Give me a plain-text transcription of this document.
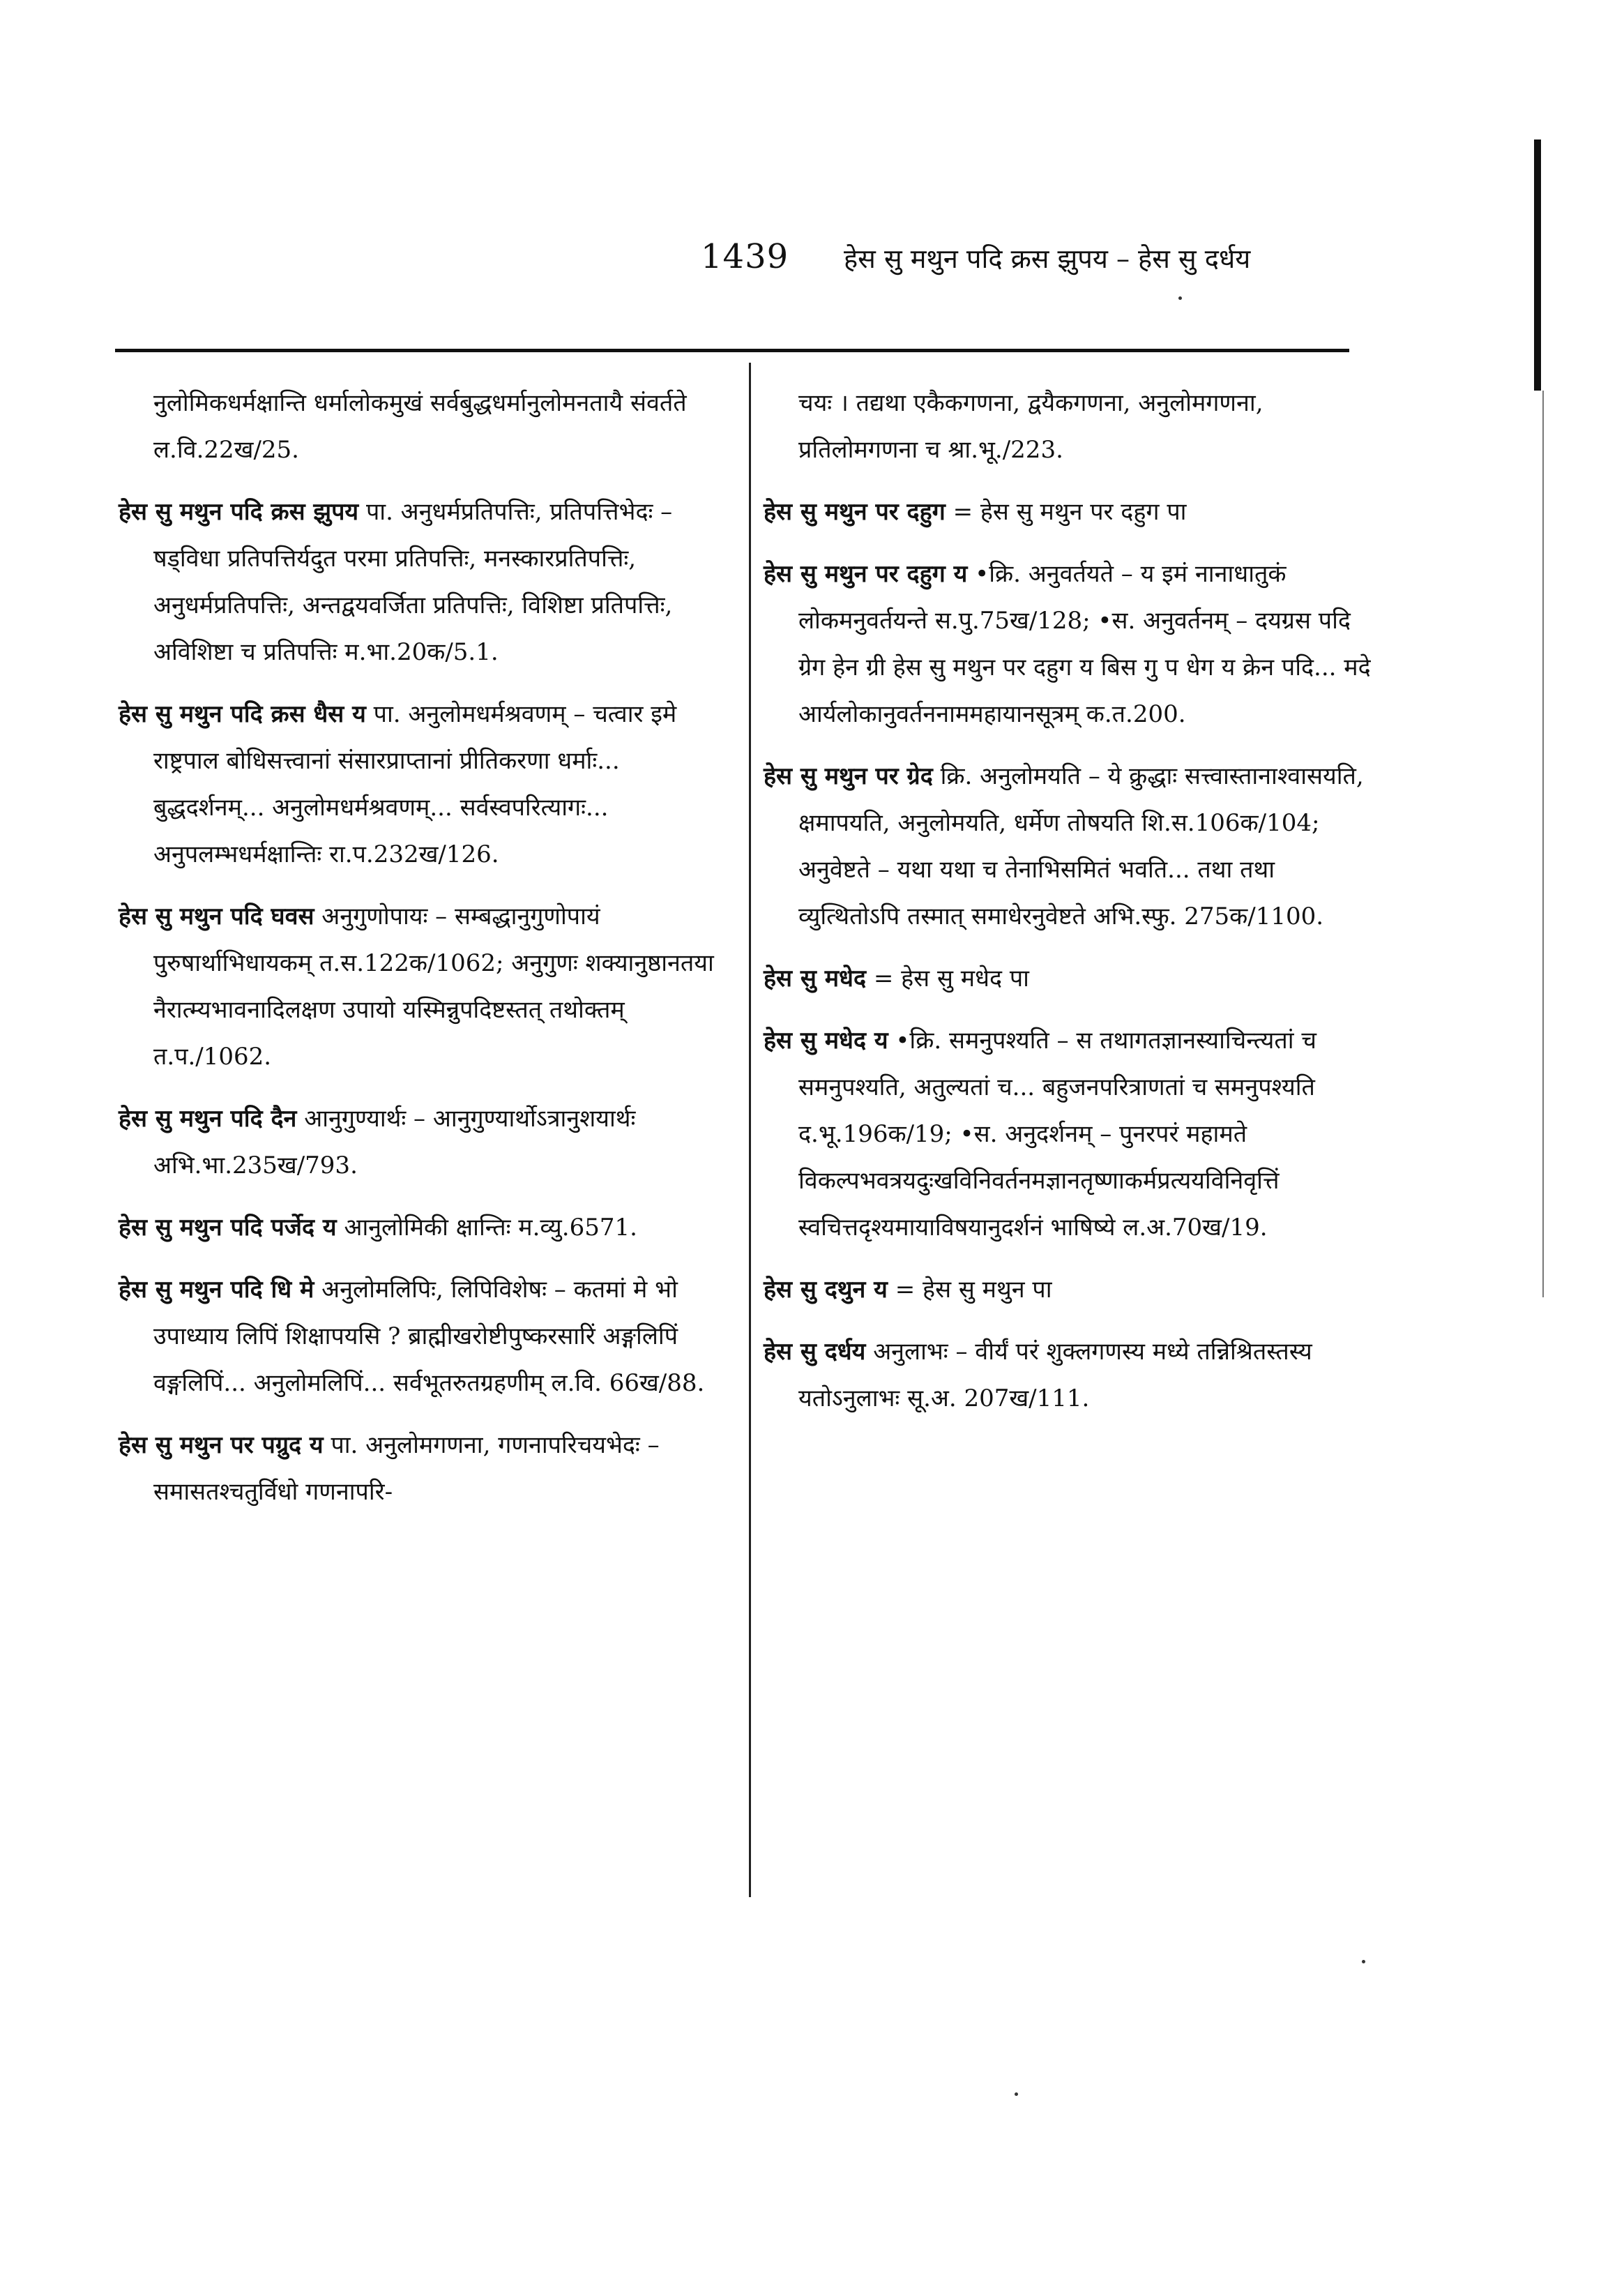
1439 हेस सु मथुन पदि क्रस झुपय – हेस सु दर्धय

नुलोमिकधर्मक्षान्ति धर्मालोकमुखं सर्वबुद्धधर्मानुलोमनतायै संवर्तते ल.वि.22ख/25.

हेस सु मथुन पदि क्रस झुपय पा. अनुधर्मप्रतिपत्तिः, प्रतिपत्तिभेदः – षड्विधा प्रतिपत्तिर्यदुत परमा प्रतिपत्तिः, मनस्कारप्रतिपत्तिः, अनुधर्मप्रतिपत्तिः, अन्तद्वयवर्जिता प्रतिपत्तिः, विशिष्टा प्रतिपत्तिः, अविशिष्टा च प्रतिपत्तिः म.भा.20क/5.1.

हेस सु मथुन पदि क्रस धैस य पा. अनुलोमधर्मश्रवणम् – चत्वार इमे राष्ट्रपाल बोधिसत्त्वानां संसारप्राप्तानां प्रीतिकरणा धर्माः... बुद्धदर्शनम्... अनुलोमधर्मश्रवणम्... सर्वस्वपरित्यागः... अनुपलम्भधर्मक्षान्तिः रा.प.232ख/126.

हेस सु मथुन पदि घवस अनुगुणोपायः – सम्बद्धानुगुणोपायं पुरुषार्थाभिधायकम् त.स.122क/1062; अनुगुणः शक्यानुष्ठानतया नैरात्म्यभावनादिलक्षण उपायो यस्मिन्नुपदिष्टस्तत् तथोक्तम् त.प./1062.

हेस सु मथुन पदि दैन आनुगुण्यार्थः – आनुगुण्यार्थोऽत्रानुशयार्थः अभि.भा.235ख/793.

हेस सु मथुन पदि पर्जेद य आनुलोमिकी क्षान्तिः म.व्यु.6571.

हेस सु मथुन पदि धि मे अनुलोमलिपिः, लिपिविशेषः – कतमां मे भो उपाध्याय लिपिं शिक्षापयसि ? ब्राह्मीखरोष्टीपुष्करसारिं अङ्गलिपिं वङ्गलिपिं... अनुलोमलिपिं... सर्वभूतरुतग्रहणीम् ल.वि. 66ख/88.

हेस सु मथुन पर पग्रुद य पा. अनुलोमगणना, गणनापरिचयभेदः – समासतश्चतुर्विधो गणनापरि-

चयः । तद्यथा एकैकगणना, द्वयैकगणना, अनुलोमगणना, प्रतिलोमगणना च श्रा.भू./223.

हेस सु मथुन पर दहुग = हेस सु मथुन पर दहुग पा

हेस सु मथुन पर दहुग य •क्रि. अनुवर्तयते – य इमं नानाधातुकं लोकमनुवर्तयन्ते स.पु.75ख/128; •स. अनुवर्तनम् – दयग्रस पदि ग्रेग हेन ग्री हेस सु मथुन पर दहुग य बिस गु प धेग य क्रेन पदि... मदे आर्यलोकानुवर्तननाममहायानसूत्रम् क.त.200.

हेस सु मथुन पर ग्रेद क्रि. अनुलोमयति – ये क्रुद्धाः सत्त्वास्तानाश्वासयति, क्षमापयति, अनुलोमयति, धर्मेण तोषयति शि.स.106क/104; अनुवेष्टते – यथा यथा च तेनाभिसमितं भवति... तथा तथा व्युत्थितोऽपि तस्मात् समाधेरनुवेष्टते अभि.स्फु. 275क/1100.

हेस सु मधेद = हेस सु मधेद पा

हेस सु मधेद य •क्रि. समनुपश्यति – स तथागतज्ञानस्याचिन्त्यतां च समनुपश्यति, अतुल्यतां च... बहुजनपरित्राणतां च समनुपश्यति द.भू.196क/19; •स. अनुदर्शनम् – पुनरपरं महामते विकल्पभवत्रयदुःखविनिवर्तनमज्ञानतृष्णाकर्मप्रत्ययविनिवृत्तिं स्वचित्तदृश्यमायाविषयानुदर्शनं भाषिष्ये ल.अ.70ख/19.

हेस सु दथुन य = हेस सु मथुन पा

हेस सु दर्धय अनुलाभः – वीर्यं परं शुक्लगणस्य मध्ये तन्निश्रितस्तस्य यतोऽनुलाभः सू.अ. 207ख/111.
